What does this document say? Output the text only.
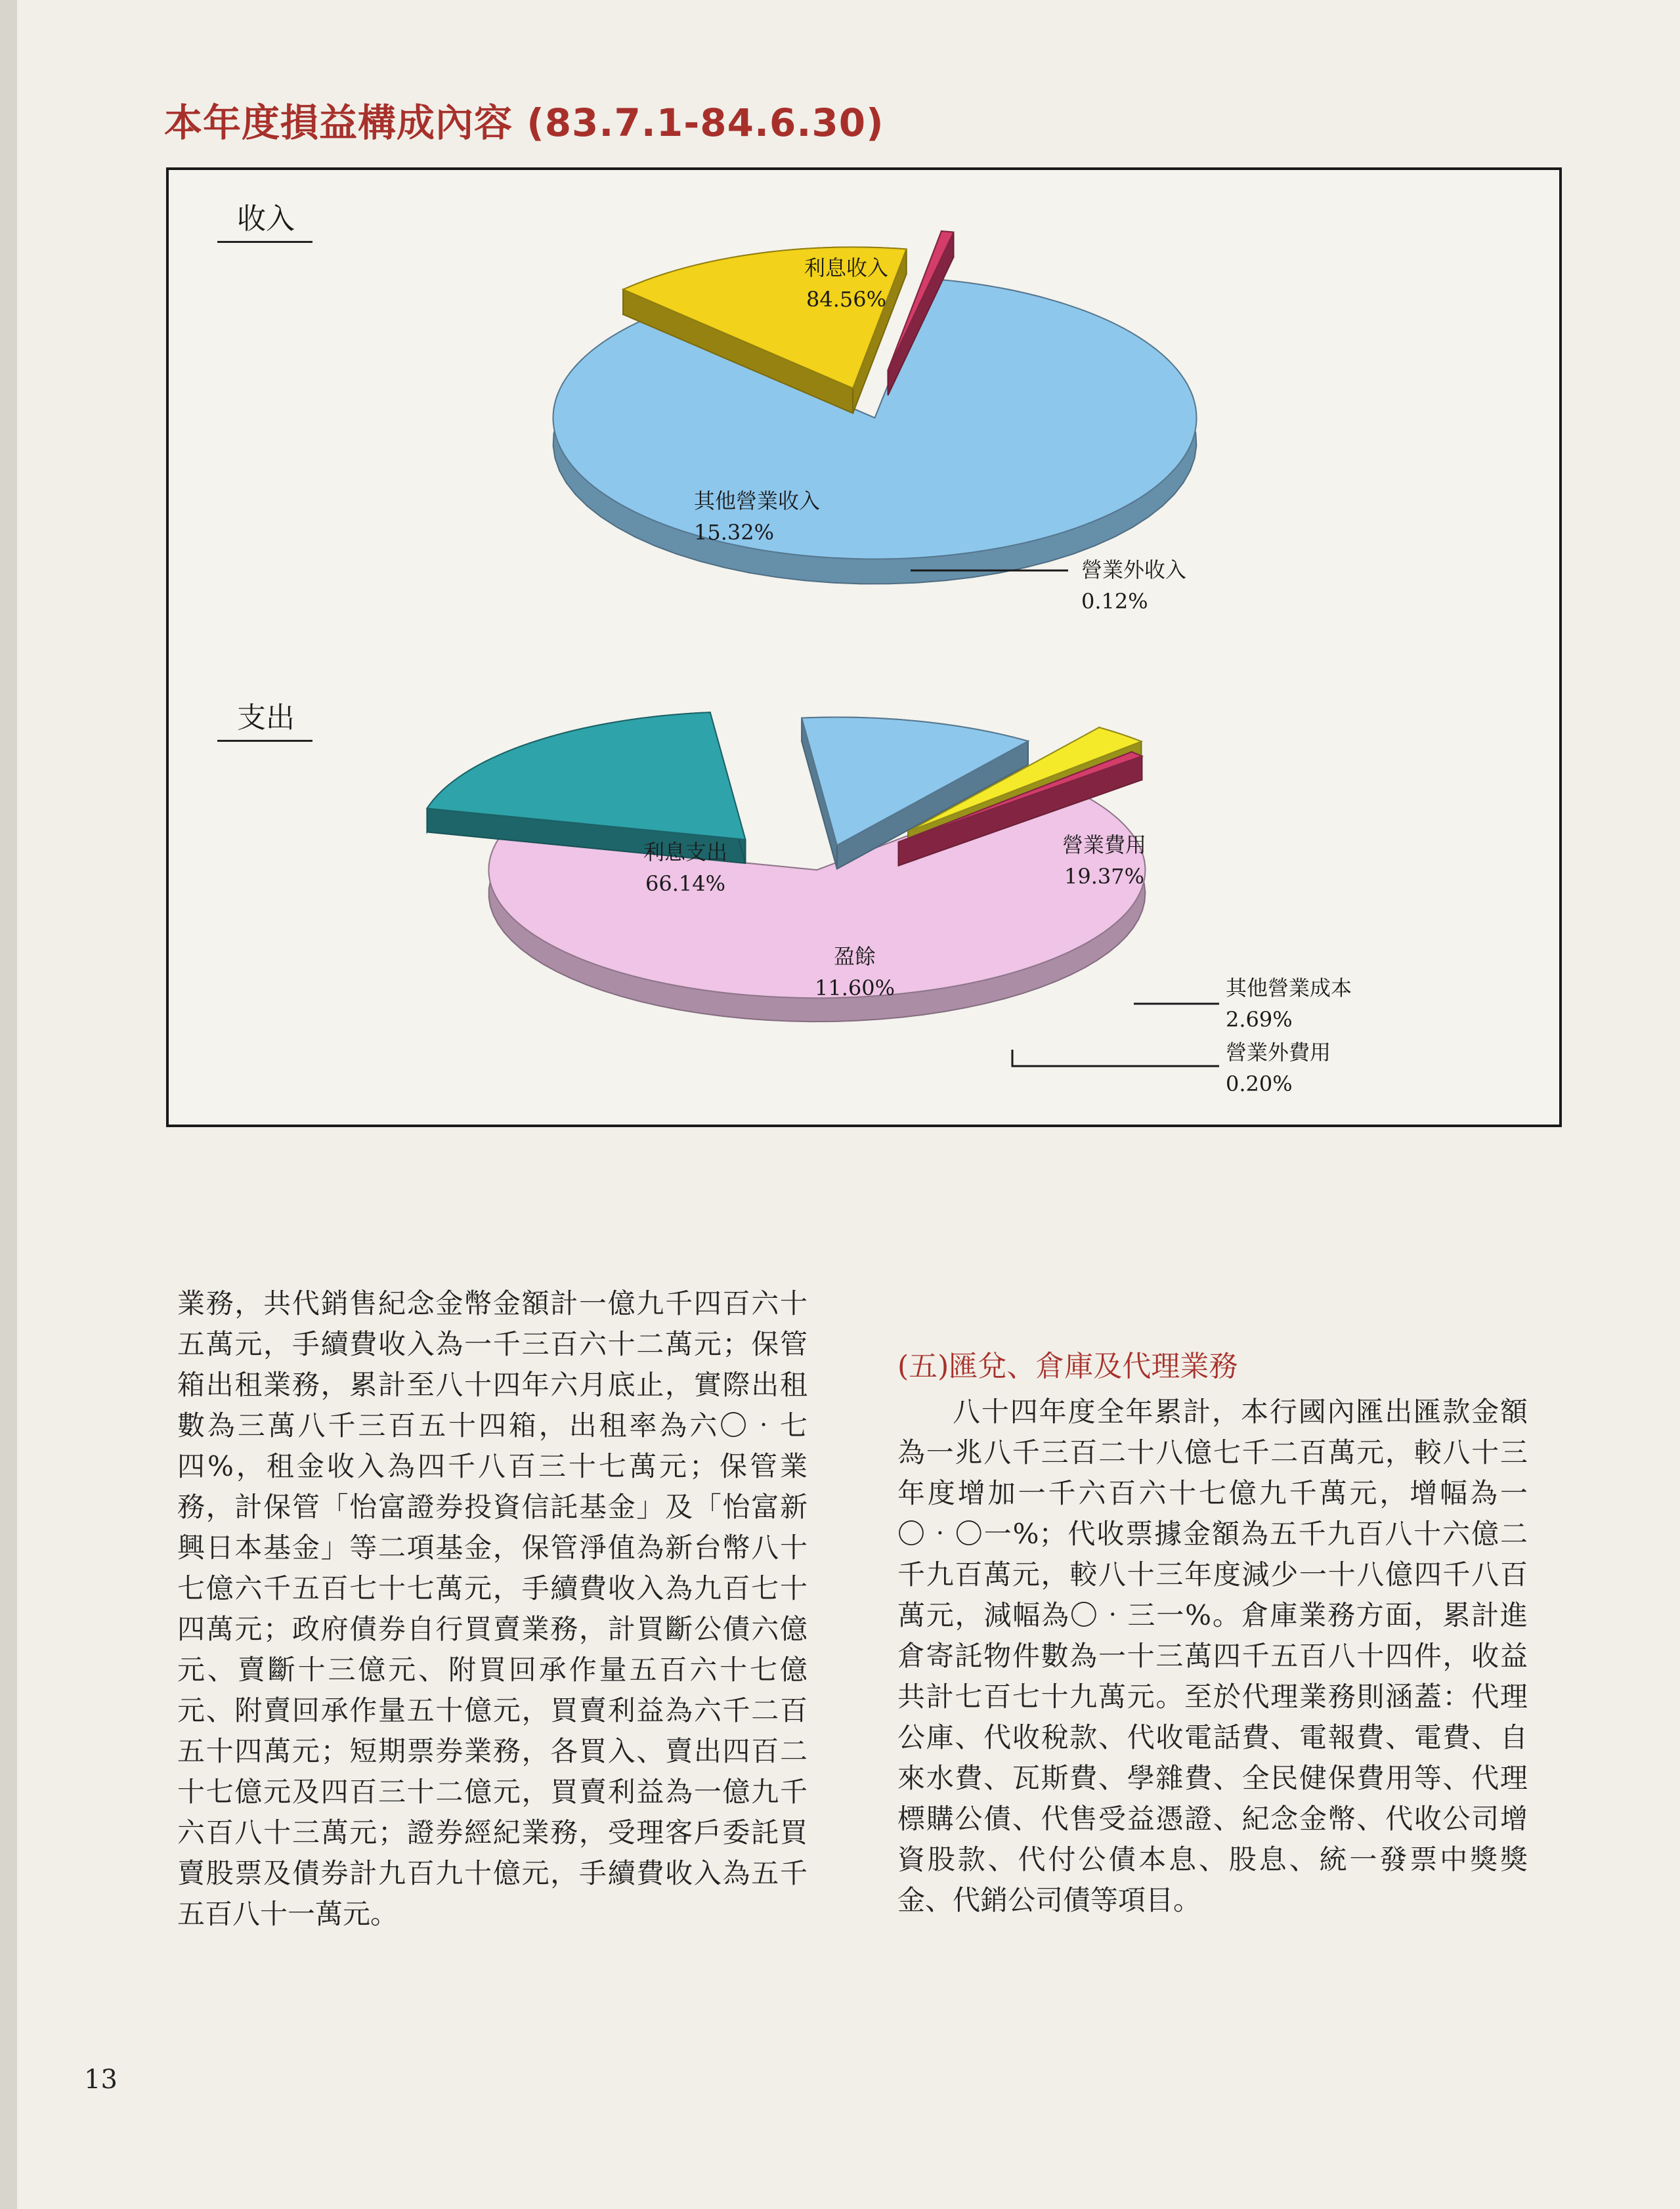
本年度損益構成內容 (83.7.1-84.6.30)
收入
支出
利息收入
84.56%
其他營業收入
15.32%
營業外收入
0.12%
利息支出
66.14%
營業費用
19.37%
盈餘
11.60%	其他營業成本
2.69%
營業外費用
0.20%

業務，共代銷售紀念金幣金額計一億九千四百六十五萬元，手續費收入為一千三百六十二萬元；保管箱出租業務，累計至八十四年六月底止，實際出租數為三萬八千三百五十四箱，出租率為六〇‧七四%，租金收入為四千八百三十七萬元；保管業務，計保管「怡富證券投資信託基金」及「怡富新興日本基金」等二項基金，保管淨值為新台幣八十七億六千五百七十七萬元，手續費收入為九百七十四萬元；政府債券自行買賣業務，計買斷公債六億元、賣斷十三億元、附買回承作量五百六十七億元、附賣回承作量五十億元，買賣利益為六千二百五十四萬元；短期票券業務，各買入、賣出四百二十七億元及四百三十二億元，買賣利益為一億九千六百八十三萬元；證券經紀業務，受理客戶委託買賣股票及債券計九百九十億元，手續費收入為五千五百八十一萬元。

(五)匯兌、倉庫及代理業務

八十四年度全年累計，本行國內匯出匯款金額為一兆八千三百二十八億七千二百萬元，較八十三年度增加一千六百六十七億九千萬元，增幅為一〇‧〇一%；代收票據金額為五千九百八十六億二千九百萬元，較八十三年度減少一十八億四千八百萬元，減幅為〇‧三一%。倉庫業務方面，累計進倉寄託物件數為一十三萬四千五百八十四件，收益共計七百七十九萬元。至於代理業務則涵蓋：代理公庫、代收稅款、代收電話費、電報費、電費、自來水費、瓦斯費、學雜費、全民健保費用等、代理標購公債、代售受益憑證、紀念金幣、代收公司增資股款、代付公債本息、股息、統一發票中獎獎金、代銷公司債等項目。

13
